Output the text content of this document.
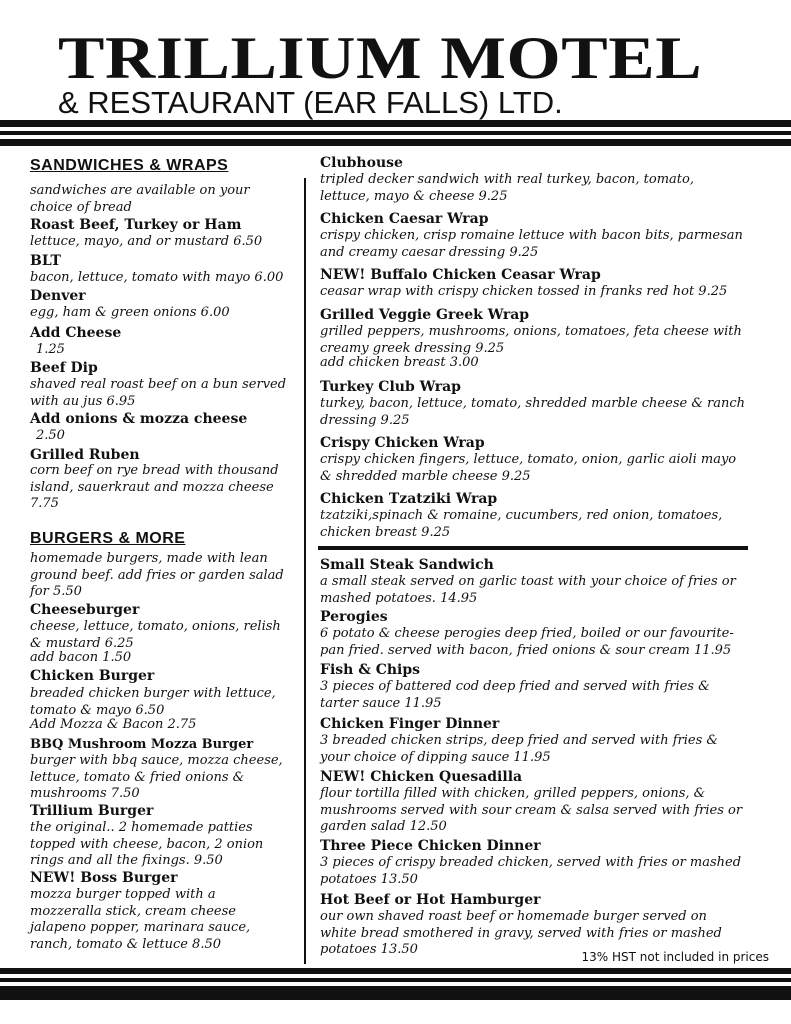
TRILLIUM MOTEL
& RESTAURANT (EAR FALLS) LTD.
SANDWICHES & WRAPS
sandwiches are available on your choice of bread
Roast Beef, Turkey or Ham
lettuce, mayo, and or mustard 6.50
BLT
bacon, lettuce, tomato with mayo 6.00
Denver
egg, ham & green onions 6.00
Add Cheese
1.25
Beef Dip
shaved real roast beef on a bun served with au jus 6.95
Add onions & mozza cheese
2.50
Grilled Ruben
corn beef on rye bread with thousand island, sauerkraut and mozza cheese 7.75
BURGERS & MORE
homemade burgers, made with lean ground beef. add fries or garden salad for 5.50
Cheeseburger
cheese, lettuce, tomato, onions, relish & mustard 6.25
add bacon 1.50
Chicken Burger
breaded chicken burger with lettuce, tomato & mayo 6.50
Add Mozza & Bacon 2.75
BBQ Mushroom Mozza Burger
burger with bbq sauce, mozza cheese, lettuce, tomato & fried onions & mushrooms 7.50
Trillium Burger
the original.. 2 homemade patties topped with cheese, bacon, 2 onion rings and all the fixings. 9.50
NEW! Boss Burger
mozza burger topped with a mozzeralla stick, cream cheese jalapeno popper, marinara sauce, ranch, tomato & lettuce 8.50
Clubhouse
tripled decker sandwich with real turkey, bacon, tomato, lettuce, mayo & cheese 9.25
Chicken Caesar Wrap
crispy chicken, crisp romaine lettuce with bacon bits, parmesan and creamy caesar dressing 9.25
NEW! Buffalo Chicken Ceasar Wrap
ceasar wrap with crispy chicken tossed in franks red hot 9.25
Grilled Veggie Greek Wrap
grilled peppers, mushrooms, onions, tomatoes, feta cheese with creamy greek dressing 9.25
add chicken breast 3.00
Turkey Club Wrap
turkey, bacon, lettuce, tomato, shredded marble cheese & ranch dressing 9.25
Crispy Chicken Wrap
crispy chicken fingers, lettuce, tomato, onion, garlic aioli mayo & shredded marble cheese 9.25
Chicken Tzatziki Wrap
tzatziki,spinach & romaine, cucumbers, red onion, tomatoes, chicken breast 9.25
Small Steak Sandwich
a small steak served on garlic toast with your choice of fries or mashed potatoes. 14.95
Perogies
6 potato & cheese perogies deep fried, boiled or our favourite- pan fried. served with bacon, fried onions & sour cream 11.95
Fish & Chips
3 pieces of battered cod deep fried and served with fries & tarter sauce 11.95
Chicken Finger Dinner
3 breaded chicken strips, deep fried and served with fries & your choice of dipping sauce 11.95
NEW! Chicken Quesadilla
flour tortilla filled with chicken, grilled peppers, onions, & mushrooms served with sour cream & salsa served with fries or garden salad 12.50
Three Piece Chicken Dinner
3 pieces of crispy breaded chicken, served with fries or mashed potatoes 13.50
Hot Beef or Hot Hamburger
our own shaved roast beef or homemade burger served on white bread smothered in gravy, served with fries or mashed potatoes 13.50	13% HST not included in prices
